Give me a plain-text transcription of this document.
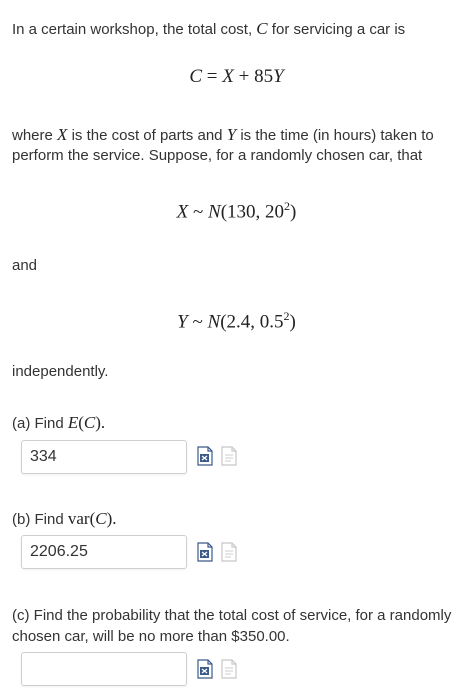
In a certain workshop, the total cost, C for servicing a car is

C = X + 85Y

where X is the cost of parts and Y is the time (in hours) taken to

perform the service. Suppose, for a randomly chosen car, that

X ~ N(130, $20^2$)

and

Y ~ N(2.4, $0.5^2$)

independently.

(a) Find E(C).

334

(b) Find var(C).

2206.25

(c) Find the probability that the total cost of service, for a randomly

chosen car, will be no more than $350.00.
